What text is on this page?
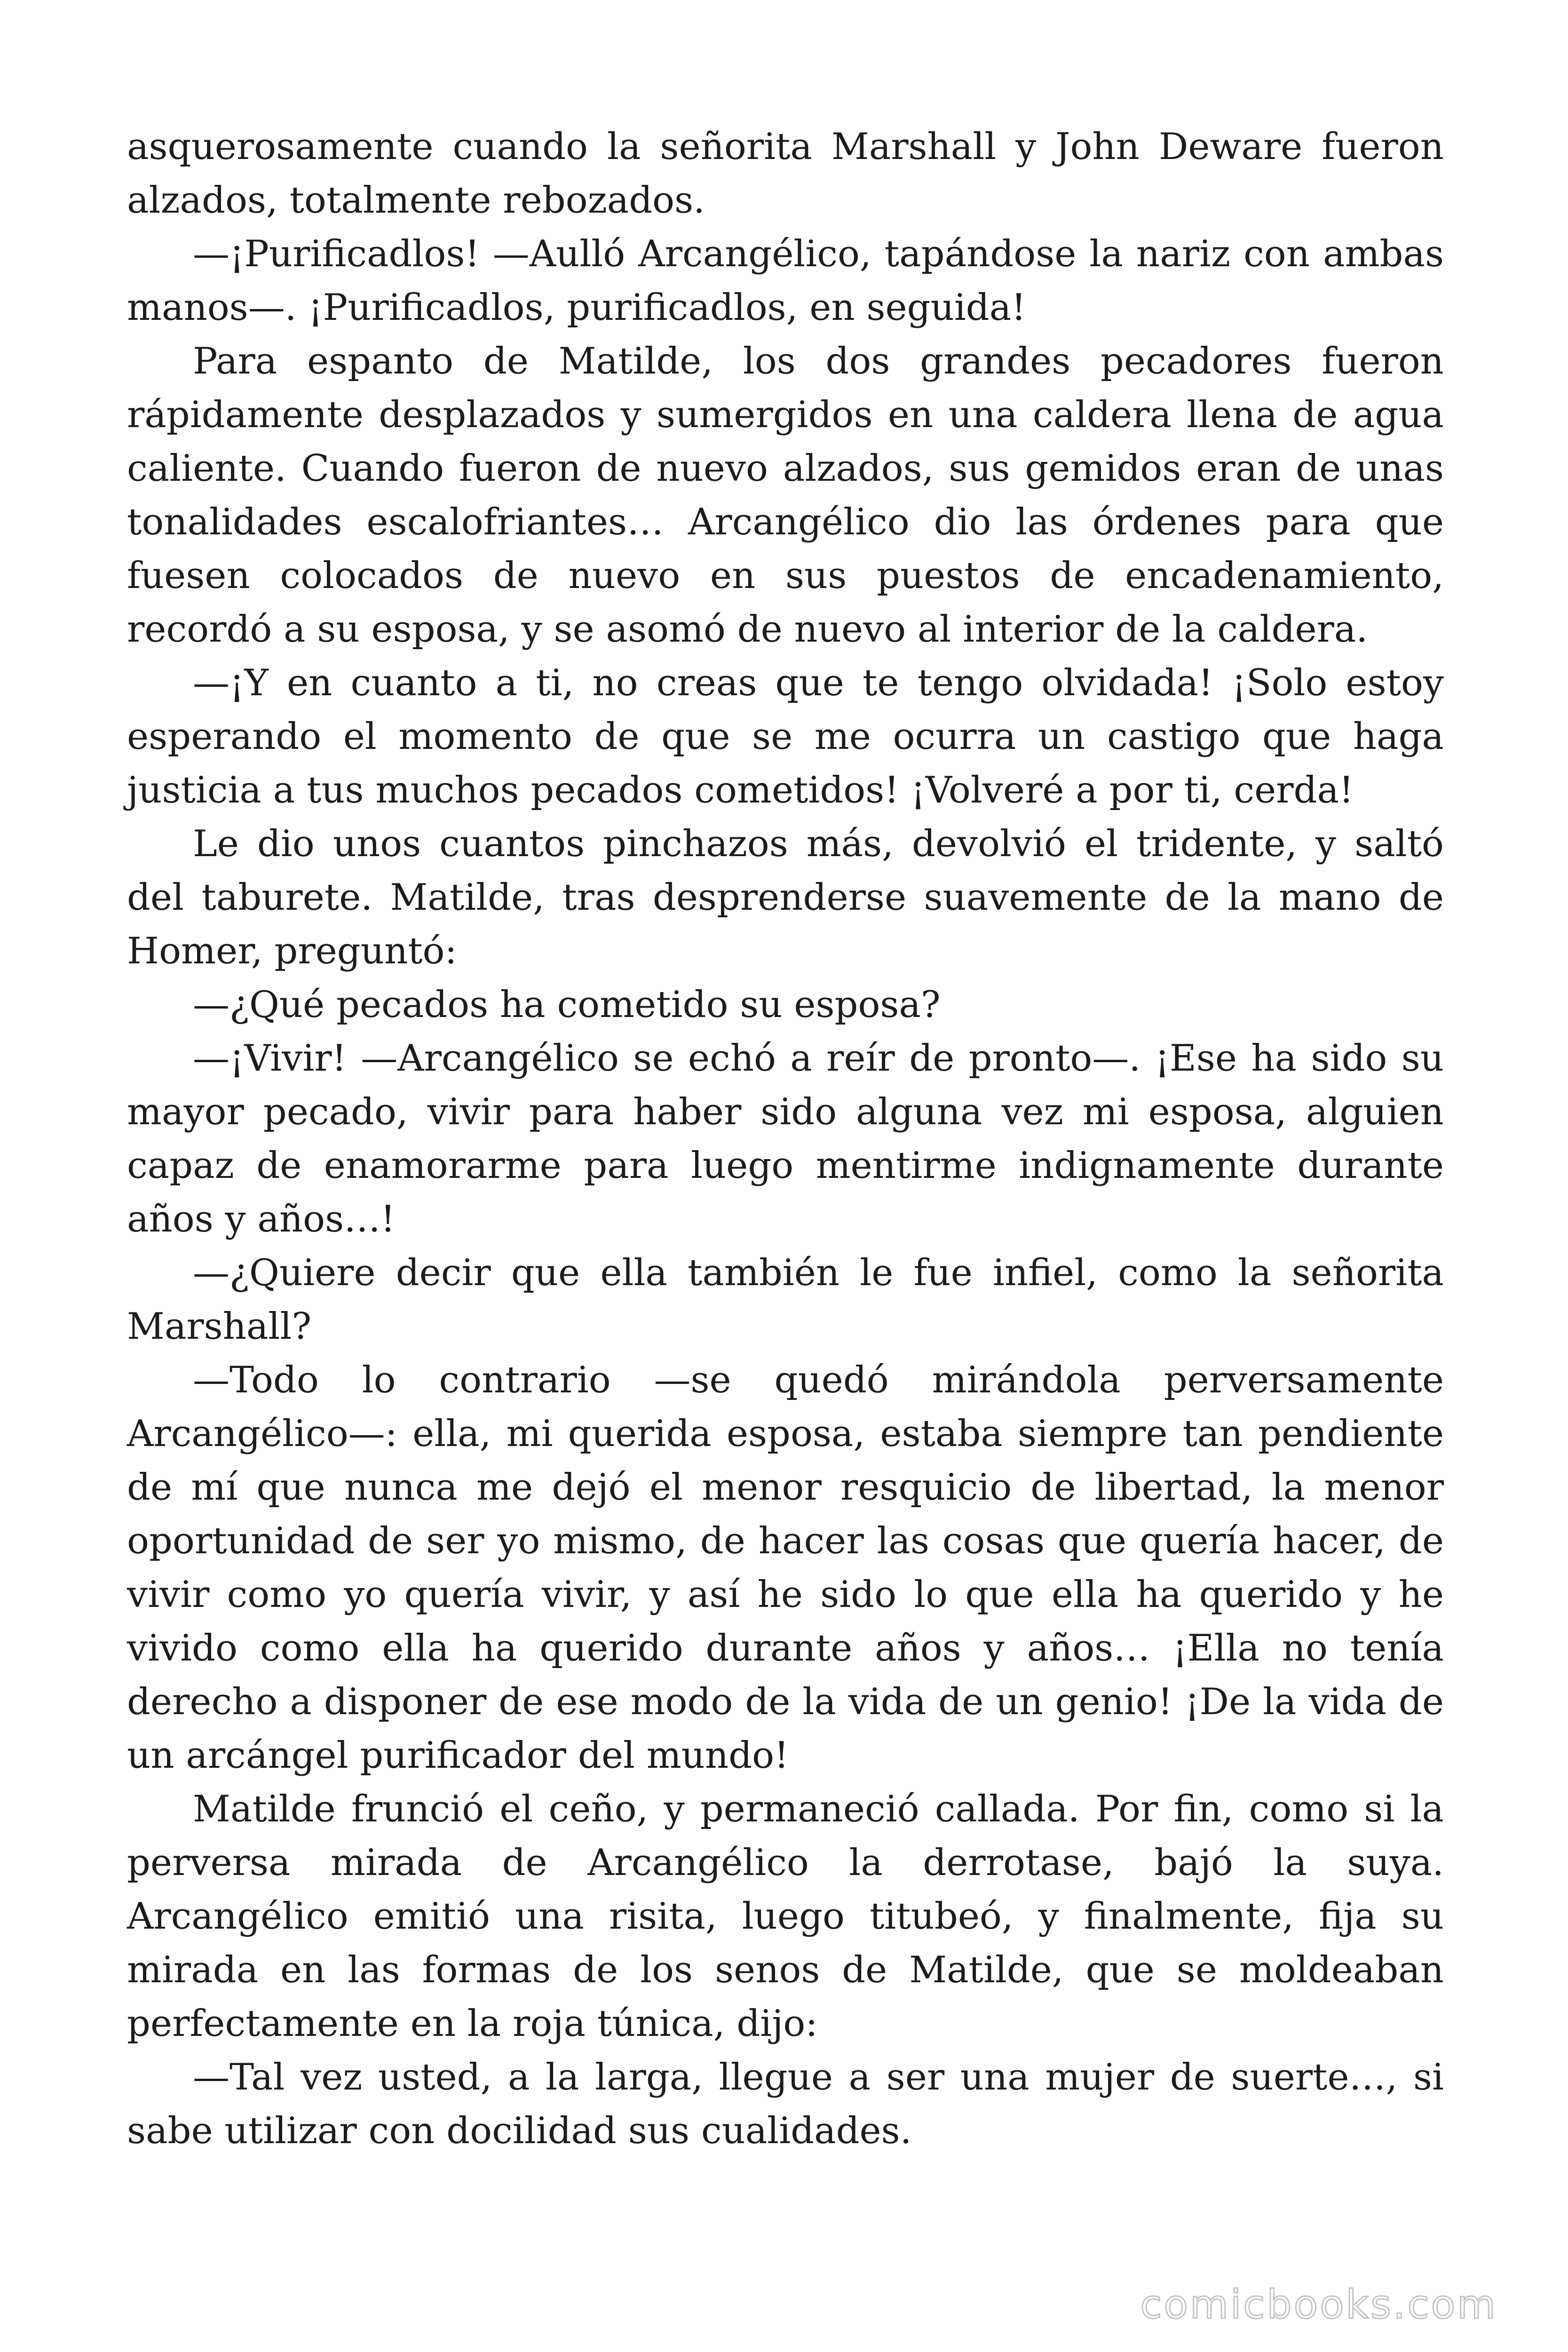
asquerosamente cuando la señorita Marshall y John Deware fueron alzados, totalmente rebozados.

—¡Purificadlos! —Aulló Arcangélico, tapándose la nariz con ambas manos—. ¡Purificadlos, purificadlos, en seguida!

Para espanto de Matilde, los dos grandes pecadores fueron rápidamente desplazados y sumergidos en una caldera llena de agua caliente. Cuando fueron de nuevo alzados, sus gemidos eran de unas tonalidades escalofriantes… Arcangélico dio las órdenes para que fuesen colocados de nuevo en sus puestos de encadenamiento, recordó a su esposa, y se asomó de nuevo al interior de la caldera.

—¡Y en cuanto a ti, no creas que te tengo olvidada! ¡Solo estoy esperando el momento de que se me ocurra un castigo que haga justicia a tus muchos pecados cometidos! ¡Volveré a por ti, cerda!

Le dio unos cuantos pinchazos más, devolvió el tridente, y saltó del taburete. Matilde, tras desprenderse suavemente de la mano de Homer, preguntó:

—¿Qué pecados ha cometido su esposa?

—¡Vivir! —Arcangélico se echó a reír de pronto—. ¡Ese ha sido su mayor pecado, vivir para haber sido alguna vez mi esposa, alguien capaz de enamorarme para luego mentirme indignamente durante años y años…!

—¿Quiere decir que ella también le fue infiel, como la señorita Marshall?

—Todo lo contrario —se quedó mirándola perversamente Arcangélico—: ella, mi querida esposa, estaba siempre tan pendiente de mí que nunca me dejó el menor resquicio de libertad, la menor oportunidad de ser yo mismo, de hacer las cosas que quería hacer, de vivir como yo quería vivir, y así he sido lo que ella ha querido y he vivido como ella ha querido durante años y años… ¡Ella no tenía derecho a disponer de ese modo de la vida de un genio! ¡De la vida de un arcángel purificador del mundo!

Matilde frunció el ceño, y permaneció callada. Por fin, como si la perversa mirada de Arcangélico la derrotase, bajó la suya. Arcangélico emitió una risita, luego titubeó, y finalmente, fija su mirada en las formas de los senos de Matilde, que se moldeaban perfectamente en la roja túnica, dijo:

—Tal vez usted, a la larga, llegue a ser una mujer de suerte…, si sabe utilizar con docilidad sus cualidades.

comicbooks.com
